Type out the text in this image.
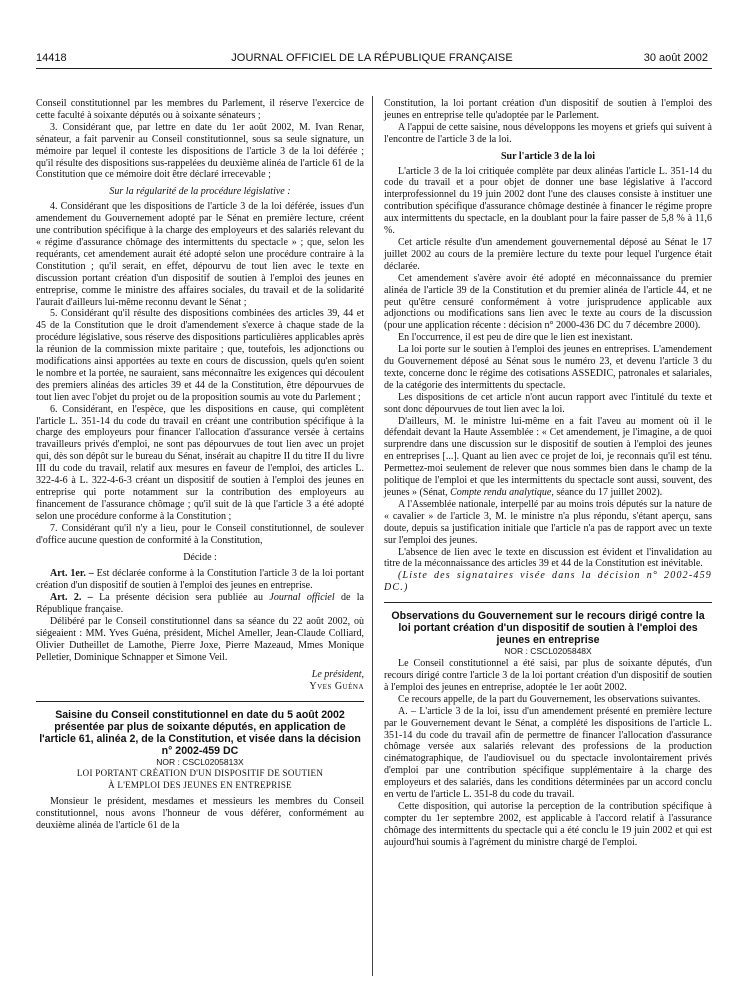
14418	JOURNAL OFFICIEL DE LA RÉPUBLIQUE FRANÇAISE	30 août 2002

Conseil constitutionnel par les membres du Parlement, il réserve l'exercice de cette faculté à soixante députés ou à soixante sénateurs ;

3. Considérant que, par lettre en date du 1er août 2002, M. Ivan Renar, sénateur, a fait parvenir au Conseil constitutionnel, sous sa seule signature, un mémoire par lequel il conteste les dispositions de l'article 3 de la loi déférée ; qu'il résulte des dispositions sus-rappelées du deuxième alinéa de l'article 61 de la Constitution que ce mémoire doit être déclaré irrecevable ;

Sur la régularité de la procédure législative :

4. Considérant que les dispositions de l'article 3 de la loi déférée, issues d'un amendement du Gouvernement adopté par le Sénat en première lecture, créent une contribution spécifique à la charge des employeurs et des salariés relevant du « régime d'assurance chômage des intermittents du spectacle » ; que, selon les requérants, cet amendement aurait été adopté selon une procédure contraire à la Constitution ; qu'il serait, en effet, dépourvu de tout lien avec le texte en discussion portant création d'un dispositif de soutien à l'emploi des jeunes en entreprise, comme le ministre des affaires sociales, du travail et de la solidarité l'aurait d'ailleurs lui-même reconnu devant le Sénat ;

5. Considérant qu'il résulte des dispositions combinées des articles 39, 44 et 45 de la Constitution que le droit d'amendement s'exerce à chaque stade de la procédure législative, sous réserve des dispositions particulières applicables après la réunion de la commission mixte paritaire ; que, toutefois, les adjonctions ou modifications ainsi apportées au texte en cours de discussion, quels qu'en soient le nombre et la portée, ne sauraient, sans méconnaître les exigences qui découlent des premiers alinéas des articles 39 et 44 de la Constitution, être dépourvues de tout lien avec l'objet du projet ou de la proposition soumis au vote du Parlement ;

6. Considérant, en l'espèce, que les dispositions en cause, qui complètent l'article L. 351-14 du code du travail en créant une contribution spécifique à la charge des employeurs pour financer l'allocation d'assurance versée à certains travailleurs privés d'emploi, ne sont pas dépourvues de tout lien avec un projet qui, dès son dépôt sur le bureau du Sénat, insérait au chapitre II du titre II du livre III du code du travail, relatif aux mesures en faveur de l'emploi, des articles L. 322-4-6 à L. 322-4-6-3 créant un dispositif de soutien à l'emploi des jeunes en entreprise qui porte notamment sur la contribution des employeurs au financement de l'assurance chômage ; qu'il suit de là que l'article 3 a été adopté selon une procédure conforme à la Constitution ;

7. Considérant qu'il n'y a lieu, pour le Conseil constitutionnel, de soulever d'office aucune question de conformité à la Constitution,

Décide :

Art. 1er. – Est déclarée conforme à la Constitution l'article 3 de la loi portant création d'un dispositif de soutien à l'emploi des jeunes en entreprise.

Art. 2. – La présente décision sera publiée au Journal officiel de la République française.

Délibéré par le Conseil constitutionnel dans sa séance du 22 août 2002, où siégeaient : MM. Yves Guéna, président, Michel Ameller, Jean-Claude Colliard, Olivier Dutheillet de Lamothe, Pierre Joxe, Pierre Mazeaud, Mmes Monique Pelletier, Dominique Schnapper et Simone Veil.

Le président,

Yves Guéna

Saisine du Conseil constitutionnel en date du 5 août 2002 présentée par plus de soixante députés, en application de l'article 61, alinéa 2, de la Constitution, et visée dans la décision n° 2002-459 DC

NOR : CSCL0205813X

LOI PORTANT CRÉATION D'UN DISPOSITIF DE SOUTIEN

À L'EMPLOI DES JEUNES EN ENTREPRISE

Monsieur le président, mesdames et messieurs les membres du Conseil constitutionnel, nous avons l'honneur de vous déférer, conformément au deuxième alinéa de l'article 61 de la

Constitution, la loi portant création d'un dispositif de soutien à l'emploi des jeunes en entreprise telle qu'adoptée par le Parlement.

A l'appui de cette saisine, nous développons les moyens et griefs qui suivent à l'encontre de l'article 3 de la loi.

Sur l'article 3 de la loi

L'article 3 de la loi critiquée complète par deux alinéas l'article L. 351-14 du code du travail et a pour objet de donner une base législative à l'accord interprofessionnel du 19 juin 2002 dont l'une des clauses consiste à instituer une contribution spécifique d'assurance chômage destinée à financer le régime propre aux intermittents du spectacle, en la doublant pour la faire passer de 5,8 % à 11,6 %.

Cet article résulte d'un amendement gouvernemental déposé au Sénat le 17 juillet 2002 au cours de la première lecture du texte pour lequel l'urgence était déclarée.

Cet amendement s'avère avoir été adopté en méconnaissance du premier alinéa de l'article 39 de la Constitution et du premier alinéa de l'article 44, et ne peut qu'être censuré conformément à votre jurisprudence applicable aux adjonctions ou modifications sans lien avec le texte au cours de la discussion (pour une application récente : décision n° 2000-436 DC du 7 décembre 2000).

En l'occurrence, il est peu de dire que le lien est inexistant.

La loi porte sur le soutien à l'emploi des jeunes en entreprises. L'amendement du Gouvernement déposé au Sénat sous le numéro 23, et devenu l'article 3 du texte, concerne donc le régime des cotisations ASSEDIC, patronales et salariales, de la catégorie des intermittents du spectacle.

Les dispositions de cet article n'ont aucun rapport avec l'intitulé du texte et sont donc dépourvues de tout lien avec la loi.

D'ailleurs, M. le ministre lui-même en a fait l'aveu au moment où il le défendait devant la Haute Assemblée : « Cet amendement, je l'imagine, a de quoi surprendre dans une discussion sur le dispositif de soutien à l'emploi des jeunes en entreprises [...]. Quant au lien avec ce projet de loi, je reconnais qu'il est ténu. Permettez-moi seulement de relever que nous sommes bien dans le champ de la politique de l'emploi et que les intermittents du spectacle sont aussi, souvent, des jeunes » (Sénat, Compte rendu analytique, séance du 17 juillet 2002).

A l'Assemblée nationale, interpellé par au moins trois députés sur la nature de « cavalier » de l'article 3, M. le ministre n'a plus répondu, s'étant aperçu, sans doute, depuis sa justification initiale que l'article n'a pas de rapport avec un texte sur l'emploi des jeunes.

L'absence de lien avec le texte en discussion est évident et l'invalidation au titre de la méconnaissance des articles 39 et 44 de la Constitution est inévitable.

(Liste des signataires visée dans la décision n° 2002-459 DC.)

Observations du Gouvernement sur le recours dirigé contre la loi portant création d'un dispositif de soutien à l'emploi des jeunes en entreprise

NOR : CSCL0205848X

Le Conseil constitutionnel a été saisi, par plus de soixante députés, d'un recours dirigé contre l'article 3 de la loi portant création d'un dispositif de soutien à l'emploi des jeunes en entreprise, adoptée le 1er août 2002.

Ce recours appelle, de la part du Gouvernement, les observations suivantes.

A. – L'article 3 de la loi, issu d'un amendement présenté en première lecture par le Gouvernement devant le Sénat, a complété les dispositions de l'article L. 351-14 du code du travail afin de permettre de financer l'allocation d'assurance chômage versée aux salariés relevant des professions de la production cinématographique, de l'audiovisuel ou du spectacle involontairement privés d'emploi par une contribution spécifique supplémentaire à la charge des employeurs et des salariés, dans les conditions déterminées par un accord conclu en vertu de l'article L. 351-8 du code du travail.

Cette disposition, qui autorise la perception de la contribution spécifique à compter du 1er septembre 2002, est applicable à l'accord relatif à l'assurance chômage des intermittents du spectacle qui a été conclu le 19 juin 2002 et qui est aujourd'hui soumis à l'agrément du ministre chargé de l'emploi.
